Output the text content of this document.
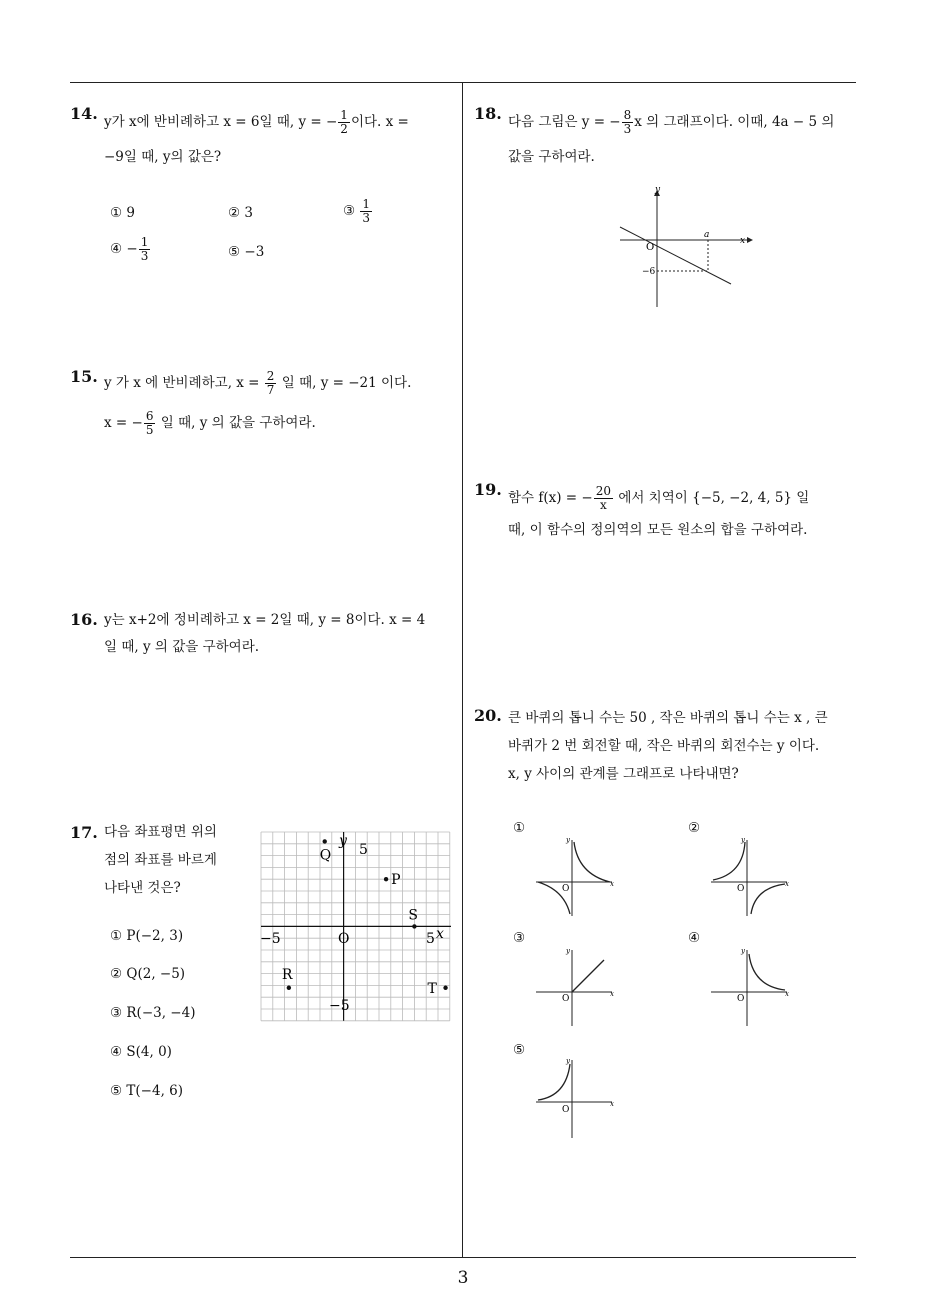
3
14. y가 x에 반비례하고 x = 6일 때, y = − $\frac{1}{2}$ 이다. x =
−9일 때, y의 값은?
① 9	② 3	③ $\frac{1}{3}$
④ − $\frac{1}{3}$	⑤ −3
15. y 가 x 에 반비례하고, $x = \frac{2}{7}$ 일 때, y = −21 이다.
x = − $\frac{6}{5}$ 일 때, y 의 값을 구하여라.
16. y는 x+2에 정비례하고 x = 2일 때, y = 8이다. x = 4
일 때, y 의 값을 구하여라.
17. 다음 좌표평면 위의
점의 좌표를 바르게
나타낸 것은?
① P(−2, 3)
② Q(2, −5)
③ R(−3, −4)
④ S(4, 0)
⑤ T(−4, 6)
y
x
O
5
−5	5
−5
Q
P
S
R
T
18. 다음 그림은 y = − $\frac{8}{3}$ x 의 그래프이다. 이때, 4a − 5 의
값을 구하여라.
y
x
O
a
−6
19. 함수 f(x) = − $\frac{20}{x}$ 에서 치역이 {−5, −2, 4, 5} 일
때, 이 함수의 정의역의 모든 원소의 합을 구하여라.
20. 큰 바퀴의 톱니 수는 50 , 작은 바퀴의 톱니 수는 x , 큰
바퀴가 2 번 회전할 때, 작은 바퀴의 회전수는 y 이다.
x, y 사이의 관계를 그래프로 나타내면?
①
y
x
O
②
y
x
O
③
y
x
O
④
y
x
O
⑤
y
x
O
